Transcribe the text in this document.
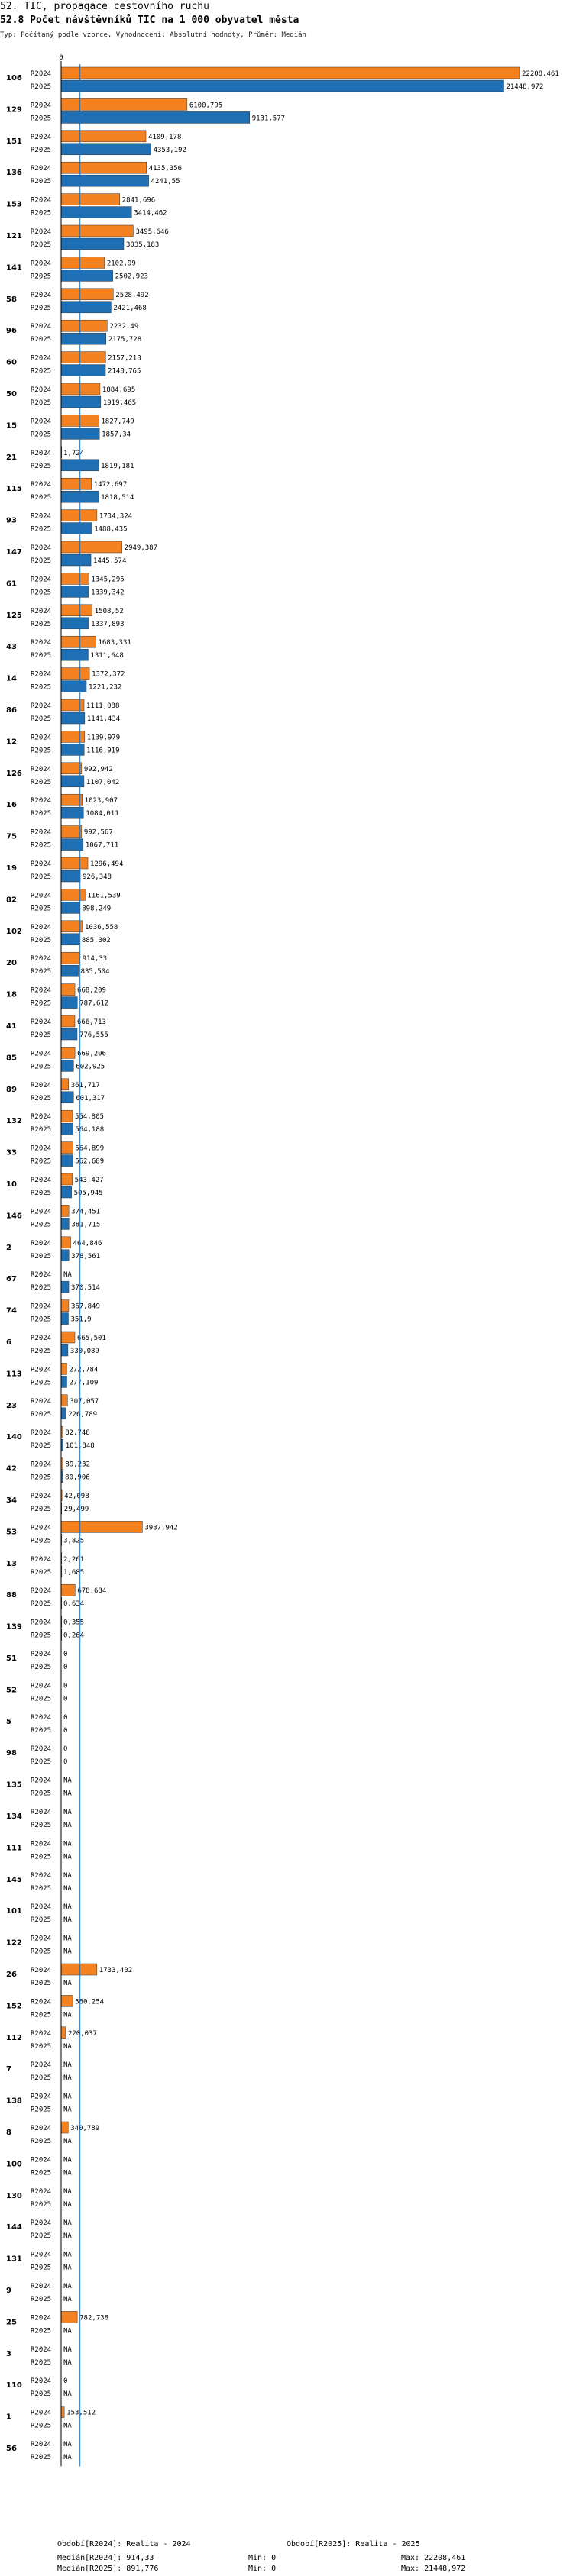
52. TIC, propagace cestovního ruchu
52.8 Počet návštěvníků TIC na 1 000 obyvatel města
Typ: Počítaný podle vzorce, Vyhodnocení: Absolutní hodnoty, Průměr: Medián
0
106 R2024
R2025
22208,461
21448,972
129 R2024
R2025
6100,795
9131,577
151 R2024
R2025
4109,178
4353,192
136 R2024
R2025
4135,356
4241,55
153 R2024
R2025
2841,696
3414,462
121 R2024
R2025
3495,646
3035,183
141 R2024
R2025
2102,99
2502,923
58 R2024
R2025
2528,492
2421,468
96 R2024
R2025
2232,49
2175,728
60 R2024
R2025
2157,218
2148,765
50 R2024
R2025
1884,695
1919,465
15 R2024
R2025
1827,749
1857,34
21 R2024
R2025
1,724
1819,181
115 R2024
R2025
1472,697
1818,514
93 R2024
R2025
1734,324
1488,435
147 R2024
R2025
2949,387
1445,574
61 R2024
R2025
1345,295
1339,342
125 R2024
R2025
1508,52
1337,893
43 R2024
R2025
1683,331
1311,648
14 R2024
R2025
1372,372
1221,232
86 R2024
R2025
1111,088
1141,434
12 R2024
R2025
1139,979
1116,919
126 R2024
R2025
992,942
1107,042
16 R2024
R2025
1023,907
1084,011
75 R2024
R2025
992,567
1067,711
19 R2024
R2025
1296,494
926,348
82 R2024
R2025
1161,539
898,249
102 R2024
R2025
1036,558
885,302
20 R2024
R2025
914,33
835,504
18 R2024
R2025
668,209
787,612
41 R2024
R2025
666,713
776,555
85 R2024
R2025
669,206
602,925
89 R2024
R2025
361,717
601,317
132 R2024
R2025
554,805
564,188
33 R2024
R2025
564,899
562,689
10 R2024
R2025
543,427
505,945
146 R2024
R2025
374,451
381,715
2	R2024
R2025
464,846
378,561
67 R2024
R2025
NA
370,514
74 R2024
R2025
367,849
351,9
6	R2024
R2025
665,501
330,089
113 R2024
R2025
272,784
277,109
23 R2024
R2025
307,057
226,789
140 R2024
R2025
82,748
101,848
42 R2024
R2025
89,232
80,906
34 R2024
R2025
42,098
29,499
53 R2024
R2025
3937,942
3,825
13 R2024
R2025
2,261
1,685
88 R2024
R2025
678,684
0,634
139 R2024
R2025
0,355
0,264
51 R2024
R2025
0
0
52 R2024
R2025
0
0
5	R2024
R2025
0
0
98 R2024
R2025
0
0
135 R2024
R2025
NA
NA
134 R2024
R2025
NA
NA
111 R2024
R2025
NA
NA
145 R2024
R2025
NA
NA
101 R2024
R2025
NA
NA
122 R2024
R2025
NA
NA
26 R2024
R2025
1733,402
NA
152 R2024
R2025
560,254
NA
112 R2024
R2025
220,037
NA
7	R2024
R2025
NA
NA
138 R2024
R2025
NA
NA
8	R2024
R2025
340,789
NA
100 R2024
R2025
NA
NA
130 R2024
R2025
NA
NA
144 R2024
R2025
NA
NA
131 R2024
R2025
NA
NA
9	R2024
R2025
NA
NA
25 R2024
R2025
782,738
NA
3	R2024
R2025
NA
NA
110 R2024
R2025
0
NA
1	R2024
R2025
153,512
NA
56 R2024
R2025
NA
NA
Období[R2024]: Realita - 2024	Období[R2025]: Realita - 2025
Medián[R2024]: 914,33	Min: 0	Max: 22208,461
Medián[R2025]: 891,776	Min: 0	Max: 21448,972
